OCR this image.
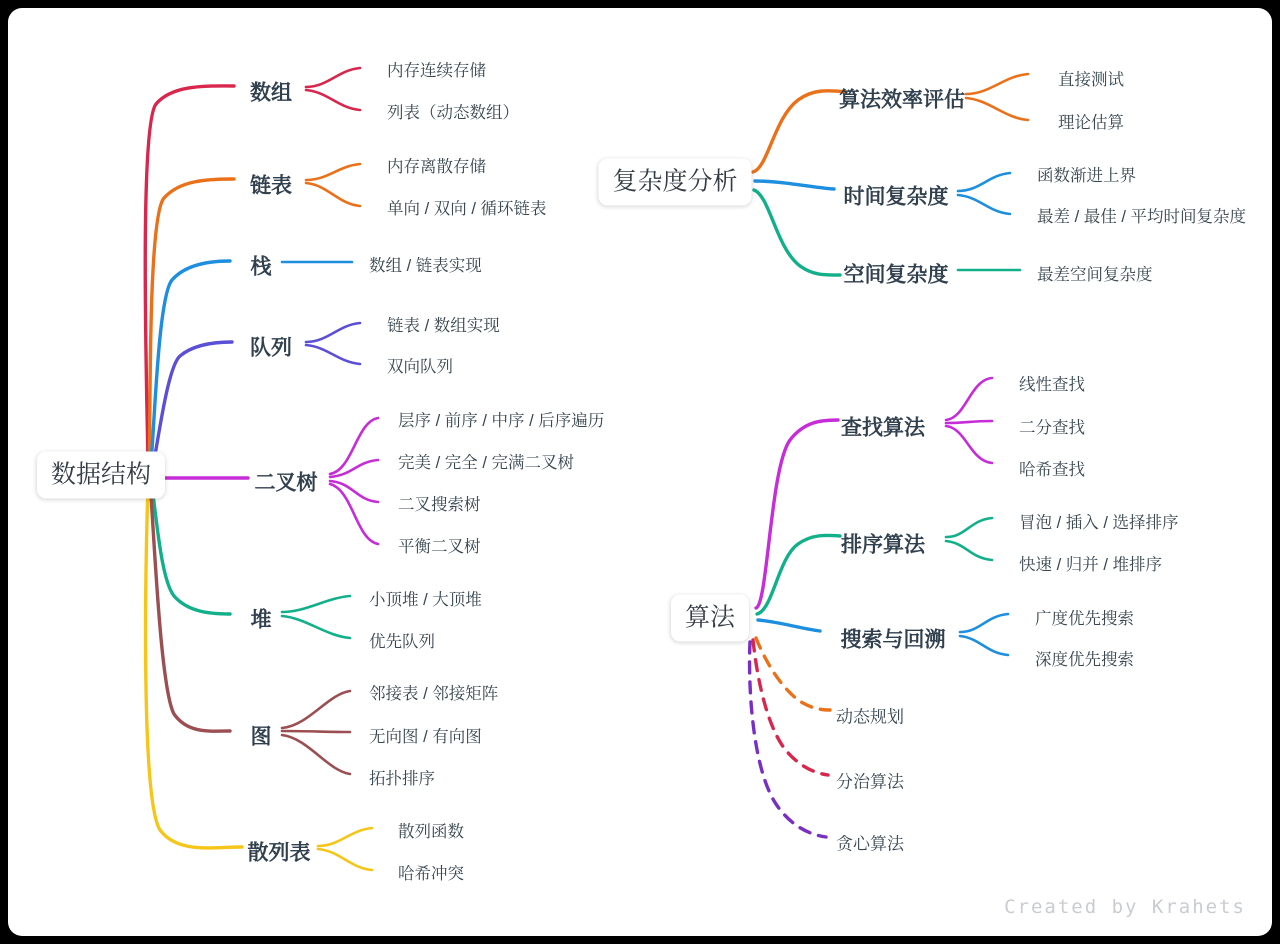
数据结构
复杂度分析
算法
数组
内存连续存储
列表（动态数组）
链表
内存离散存储
单向 / 双向 / 循环链表
栈	数组 / 链表实现
队列
链表 / 数组实现
双向队列
二叉树
层序 / 前序 / 中序 / 后序遍历
完美 / 完全 / 完满二叉树
二叉搜索树
平衡二叉树
堆
小顶堆 / 大顶堆
优先队列
图
邻接表 / 邻接矩阵
无向图 / 有向图
拓扑排序
散列表
散列函数
哈希冲突
算法效率评估
直接测试
理论估算
时间复杂度
函数渐进上界
最差 / 最佳 / 平均时间复杂度
空间复杂度	最差空间复杂度
查找算法
线性查找
二分查找
哈希查找
排序算法
冒泡 / 插入 / 选择排序
快速 / 归并 / 堆排序
搜索与回溯
广度优先搜索
深度优先搜索
动态规划
分治算法
贪心算法
Created by Krahets
